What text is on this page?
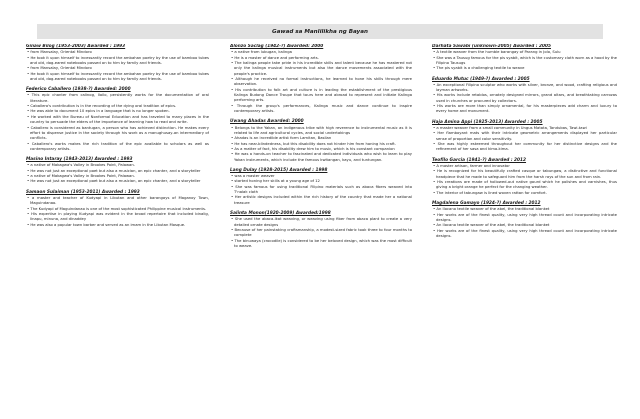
Gawad sa Manlilikha ng Bayan
Ginaw Bilog (1953-2003) Awarded : 1993
• from Mansalay, Oriental Mindoro
• He took it upon himself to incessantly record the ambahan poetry by the use of bamboo tubes and old, dog-eared notebooks passed on to him by family and friends.
• from Mansalay, Oriental Mindoro
• He took it upon himself to incessantly record the ambahan poetry by the use of bamboo tubes and old, dog-eared notebooks passed on to him by family and friends.
Federico Caballero (1938-?) Awarded: 2000
• This epic chanter from calinog, Iloilo, persistently works for the documentation of oral literature.
• Caballero's contribution is in the recording of the dying oral tradition of epics.
• He was able to document 10 epics in a language that is no longer spoken.
• He worked with the Bureau of Nonformal Education and has traveled to many places in the country to persuade the elders of the importance of learning how to read and write.
• Caballero is considered as bantugan, a person who has achieved distinction. He makes every effort to dispense justice in the society through his work as a manughusay-an intermediary of conflicts.
• Caballero's works makes the rich tradition of the epic available to scholars as well as contemporary artists.
Masino Intaray (1943-2013) Awarded : 1993
• a native of Makagwa's Valley in Brookes Point, Palawan.
• He was not just an exceptional poet but also a musician, an epic chanter, and a storyteller
• a native of Makagwa's Valley in Brookes Point, Palawan.
• He was not just an exceptional poet but also a musician, an epic chanter, and a storyteller
Samaon Sulaiman (1953-2011) Awarded : 1993
• a master and teacher of Kudyapi in Libutan and other barangays of Maganoy Town, Maguindanao.
• The Kudyapi of Maguindanao is one of the most sophisticated Philippine musical instruments.
• His expertise in playing Kudyapi was evident in the broad repertoire that included binalig, linapu, minuna, and dinaddey
• He was also a popular town barber and served as an imam in the Libutan Mosque.
Alonzo Saclag (1942-?) Awarded: 2000
• a native from lubugan, kalinga
• He is a master of dance and performing arts.
• The kalinga people take pride in his incredible skills and talent because he has mastered not only the kalinga musical instruments but also the dance movements associated with the people's practice.
• Although he received no formal instructions, he learned to hone his skills through mere observation.
• His contribution to folk art and culture is in leading the establishment of the prestigious Kalinga Budong Dance Troupe that tours here and abroad to represent and initiate Kalinga performing arts.
• Through the group's performances, Kalinga music and dance continue to inspire contemporary artists.
Uwang Ahadas Awarded: 2000
• Belongs to the Yakan, an indigenous tribe with high reverence to instrumental music as it is related to life and agricultural cycles, and social undertakings
• Ahadas is an incredible artist form Lamitan, Basilan
• He has near-blindedness, but this disability does not hinder him from honing his craft.
• As a matter of fact, his disability drew him to music, which is his constant companion
• He was a hands-on teacher to fascinated and dedicated individuals who wish to learn to play Yakan instruments, which include the famous kwitangan, kayu, and tuntungan.
Lang Dulay (1928-2015) Awarded : 1998
• was a master weaver
• started honing her skills at a young age of 12
• She was famous for using traditional Filipino materials such as abaca fibers weaved into T'nalak cloth
• Her artistic designs included within the rich history of the country that made her a national treasure
Salinta Monon(1920-2009) Awarded:1998
• She used the abaca-ikat weaving, or weaving using fiber from abaca plant to create a very detailed ornate designs
• Because of her painstaking craftsmanship, a modest-sized fabric took three to four months to complete
• The binuwaya (crocodile) is considered to be her beloved design, which was the most difficult to weave.
Darhata Sawabi (unknown-2005) Awarded : 2005
• A textile weaver from the humble barangay of Parang in Jolo, Sulu
• She was a Tausug famous for the pis syabit, which is the customary cloth worn as a hood by the Filipino Tausugs
• The pis syabit is a challenging textile to weave
Eduardo Mutuc (1949-?) Awarded : 2005
• An exceptional Filipino sculptor who works with silver, bronze, and wood, crafting religious and layman artworks.
• His works include retablos, ornately designed mirrors, grand altars, and breathtaking carrozas used in churches or procured by collectors.
• His works are more than simply ornamental, for his masterpieces add charm and luxury to every home and monument.
Haja Amina Appi (1925-2013) Awarded : 2005
• a master weaver from a small community in Ungus Matata, Tandubas, Tawi-tawi
• Her flamboyant mats with their intricate geometric arrangements displayed her particular sense of proportion and color sensitivity.
• She was highly esteemed throughout her community for her distinctive designs and the refinement of her sasa and kima-kima.
Teofilo Garcia (1941-?) Awarded : 2012
• A master artisan, farmer and innovator
• He is recognized for his beautifully crafted casque or tabungaw, a distinctive and functional headpiece that he made to safeguard him from the harsh rays of the sun and from rain.
• His creations are made of hollowed-out native gourd which he polishes and varnishes, thus giving a bright orange he perfect for the changing weather.
• The interior of tabungaw is lined woven rattan for comfort.
Magdalena Gamayo (1924-?) Awarded : 2012
• An Ilocano textile weaver of the abel, the traditional blanket
• Her works are of the finest quality, using very high thread count and incorporating intricate designs.
• An Ilocano textile weaver of the abel, the traditional blanket
• Her works are of the finest quality, using very high thread count and incorporating intricate designs.
